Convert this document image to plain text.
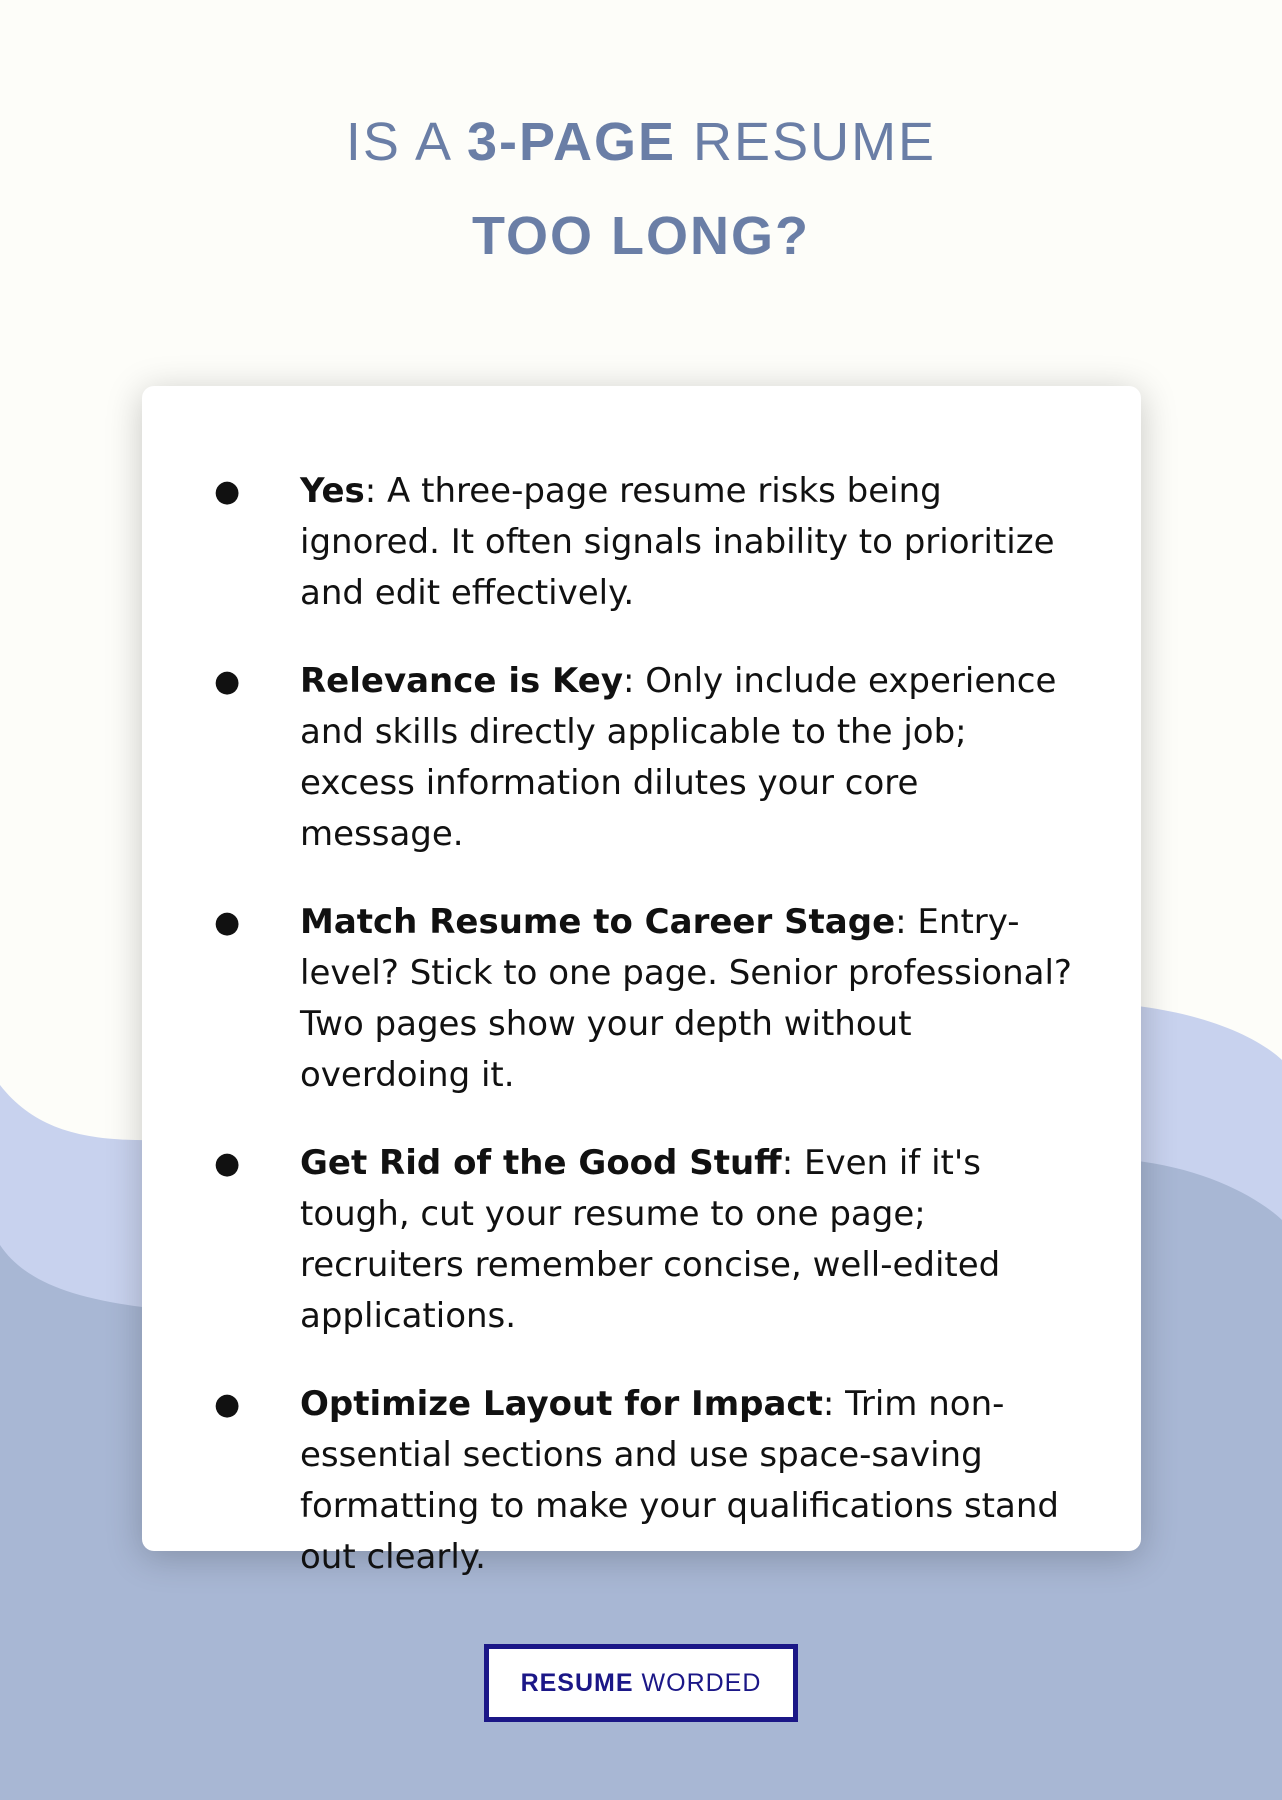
IS A 3-PAGE RESUME
TOO LONG?
● Yes: A three-page resume risks being ignored. It often signals inability to prioritize and edit effectively.
● Relevance is Key: Only include experience and skills directly applicable to the job; excess information dilutes your core message.
● Match Resume to Career Stage: Entry-level? Stick to one page. Senior professional? Two pages show your depth without overdoing it.
● Get Rid of the Good Stuff: Even if it's tough, cut your resume to one page; recruiters remember concise, well-edited applications.
● Optimize Layout for Impact: Trim non-essential sections and use space-saving formatting to make your qualifications stand out clearly.
RESUME WORDED
